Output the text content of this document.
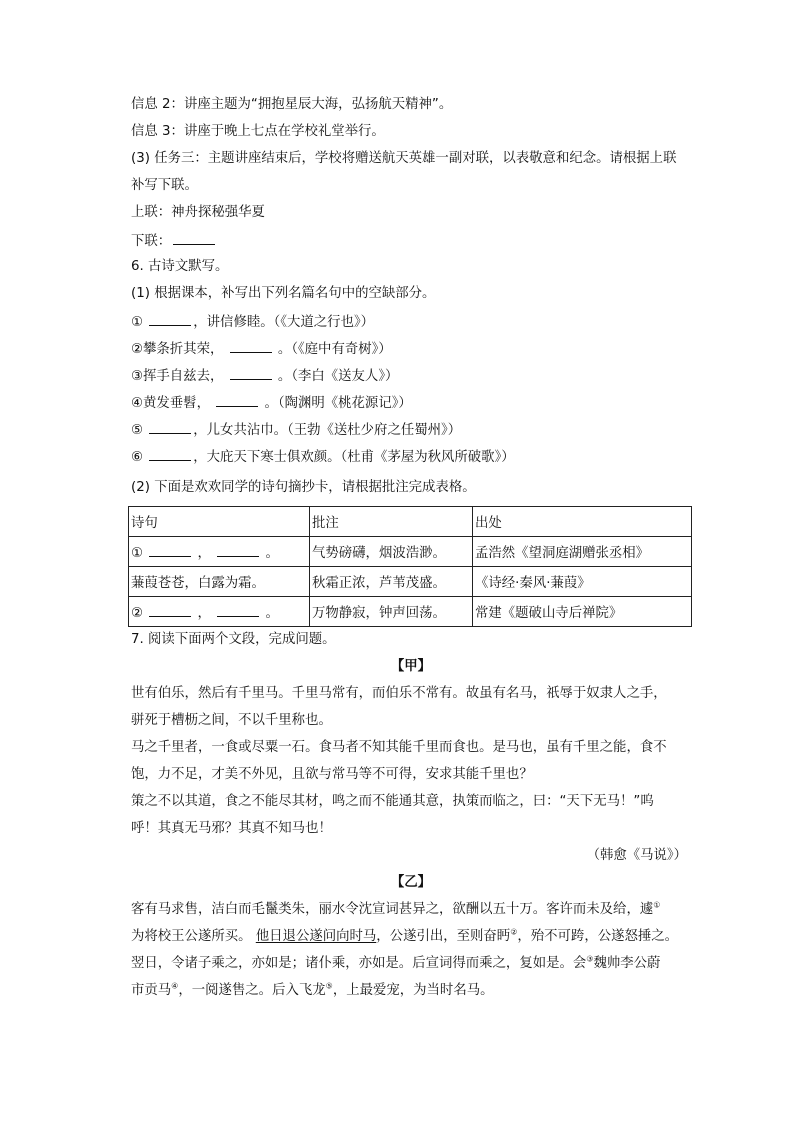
信息 2：讲座主题为“拥抱星辰大海，弘扬航天精神”。
信息 3：讲座于晚上七点在学校礼堂举行。
(3) 任务三：主题讲座结束后，学校将赠送航天英雄一副对联，以表敬意和纪念。请根据上联
补写下联。
上联：神舟探秘强华夏
下联：
6. 古诗文默写。
(1) 根据课本，补写出下列名篇名句中的空缺部分。
①	，讲信修睦。（《大道之行也》）
②攀条折其荣，	。（《庭中有奇树》）
③挥手自兹去，	。（李白《送友人》）
④黄发垂髫，	。（陶渊明《桃花源记》）
⑤	，儿女共沾巾。（王勃《送杜少府之任蜀州》）
⑥	，大庇天下寒士俱欢颜。（杜甫《茅屋为秋风所破歌》）
(2) 下面是欢欢同学的诗句摘抄卡，请根据批注完成表格。
诗句	批注	出处
① ， 。	气势磅礴，烟波浩渺。	孟浩然《望洞庭湖赠张丞相》
蒹葭苍苍，白露为霜。	秋霜正浓，芦苇茂盛。	《诗经·秦风·蒹葭》
② ， 。	万物静寂，钟声回荡。	常建《题破山寺后禅院》
7. 阅读下面两个文段，完成问题。
【甲】
世有伯乐，然后有千里马。千里马常有，而伯乐不常有。故虽有名马，祇辱于奴隶人之手，
骈死于槽枥之间，不以千里称也。
马之千里者，一食或尽粟一石。食马者不知其能千里而食也。是马也，虽有千里之能，食不
饱，力不足，才美不外见，且欲与常马等不可得，安求其能千里也？
策之不以其道，食之不能尽其材，鸣之而不能通其意，执策而临之，曰：“天下无马！”呜
呼！其真无马邪？其真不知马也！
（韩愈《马说》）
【乙】
客有马求售，洁白而毛鬣类朱，丽水令沈宣词甚异之，欲酬以五十万。客许而未及给，遽①
为将校王公遂所买。 他日退公遂问向时马，公遂引出，至则奋眄②，殆不可跨，公遂怒捶之。
翌日，令诸子乘之，亦如是；诸仆乘，亦如是。后宣词得而乘之，复如是。会③魏帅李公蔚
市贡马④，一阅遂售之。后入飞龙⑤，上最爱宠，为当时名马。
